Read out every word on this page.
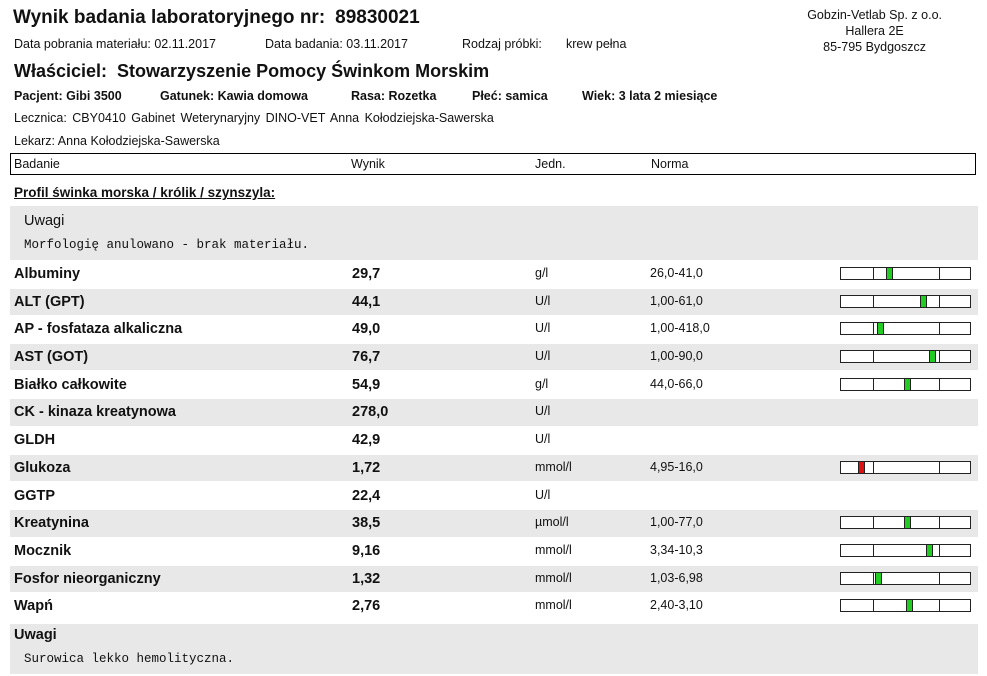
Wynik badania laboratoryjnego nr: 89830021
Data pobrania materiału: 02.11.2017	Data badania: 03.11.2017	Rodzaj próbki: krew pełna
Gobzin-Vetlab Sp. z o.o.
Hallera 2E
85-795 Bydgoszcz
Właściciel: Stowarzyszenie Pomocy Świnkom Morskim
Pacjent: Gibi 3500	Gatunek: Kawia domowa	Rasa: Rozetka	Płeć: samica	Wiek: 3 lata 2 miesiące
Lecznica: CBY0410 Gabinet Weterynaryjny DINO-VET Anna Kołodziejska-Sawerska
Lekarz: Anna Kołodziejska-Sawerska
Badanie	Wynik	Jedn.	Norma
Profil świnka morska / królik / szynszyla:
Uwagi
Morfologię anulowano - brak materiału.
Albuminy	29,7	g/l	26,0-41,0
ALT (GPT)	44,1	U/l	1,00-61,0
AP - fosfataza alkaliczna	49,0	U/l	1,00-418,0
AST (GOT)	76,7	U/l	1,00-90,0
Białko całkowite	54,9	g/l	44,0-66,0
CK - kinaza kreatynowa	278,0	U/l
GLDH	42,9	U/l
Glukoza	1,72	mmol/l	4,95-16,0
GGTP	22,4	U/l
Kreatynina	38,5	µmol/l	1,00-77,0
Mocznik	9,16	mmol/l	3,34-10,3
Fosfor nieorganiczny	1,32	mmol/l	1,03-6,98
Wapń	2,76	mmol/l	2,40-3,10
Uwagi
Surowica lekko hemolityczna.
